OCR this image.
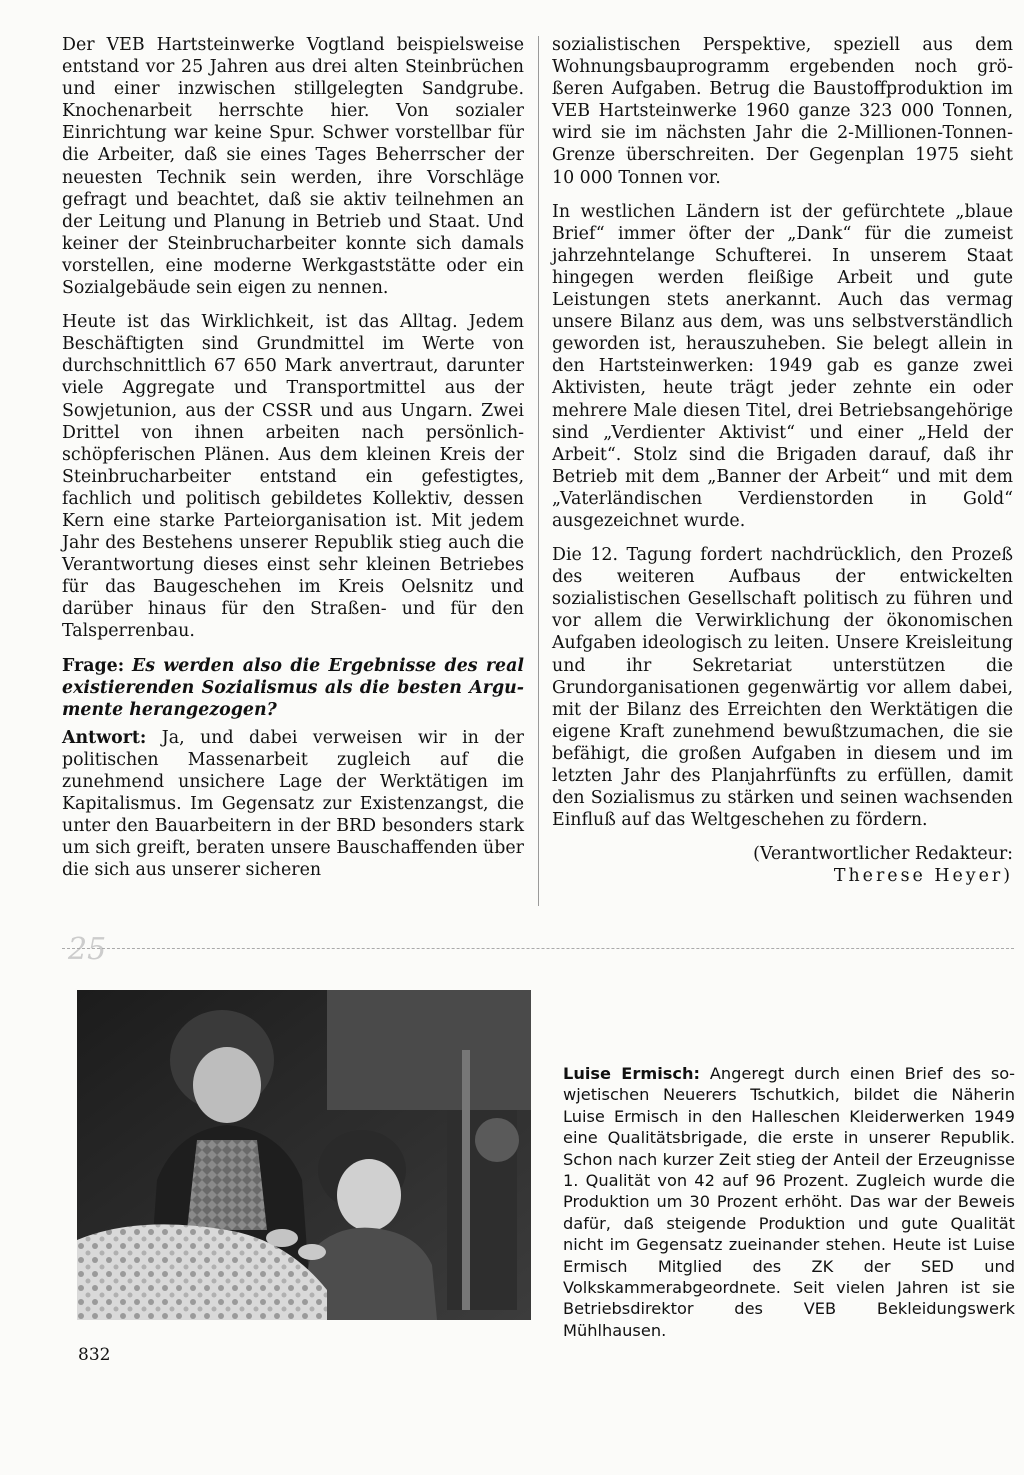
Der VEB Hartsteinwerke Vogtland beispielsweise entstand vor 25 Jahren aus drei alten Steinbrüchen und einer inzwischen stillgelegten Sandgrube. Knochenarbeit herrschte hier. Von sozialer Einrichtung war keine Spur. Schwer vorstellbar für die Arbeiter, daß sie eines Tages Beherrscher der neuesten Technik sein werden, ihre Vorschläge gefragt und beachtet, daß sie aktiv teilnehmen an der Leitung und Planung in Betrieb und Staat. Und keiner der Steinbrucharbeiter konnte sich damals vorstellen, eine moderne Werkgaststätte oder ein Sozialgebäude sein eigen zu nennen.

Heute ist das Wirklichkeit, ist das Alltag. Jedem Beschäftigten sind Grundmittel im Werte von durchschnittlich 67 650 Mark anvertraut, darunter viele Aggregate und Transportmittel aus der Sowjetunion, aus der CSSR und aus Ungarn. Zwei Drittel von ihnen arbeiten nach persönlich-schöpferischen Plänen. Aus dem kleinen Kreis der Steinbrucharbeiter entstand ein gefestigtes, fachlich und politisch gebildetes Kollektiv, dessen Kern eine starke Parteiorganisation ist. Mit jedem Jahr des Bestehens unserer Republik stieg auch die Verantwortung dieses einst sehr kleinen Betriebes für das Baugeschehen im Kreis Oelsnitz und darüber hinaus für den Straßen- und für den Talsperrenbau.

Frage: Es werden also die Ergebnisse des real existierenden Sozialismus als die besten Argumente herangezogen?

Antwort: Ja, und dabei verweisen wir in der politischen Massenarbeit zugleich auf die zunehmend unsichere Lage der Werktätigen im Kapitalismus. Im Gegensatz zur Existenzangst, die unter den Bauarbeitern in der BRD besonders stark um sich greift, beraten unsere Bauschaffenden über die sich aus unserer sicheren

sozialistischen Perspektive, speziell aus dem Wohnungsbauprogramm ergebenden noch größeren Aufgaben. Betrug die Baustoffproduktion im VEB Hartsteinwerke 1960 ganze 323 000 Tonnen, wird sie im nächsten Jahr die 2-Millionen-Tonnen-Grenze überschreiten. Der Gegenplan 1975 sieht 10 000 Tonnen vor.

In westlichen Ländern ist der gefürchtete „blaue Brief“ immer öfter der „Dank“ für die zumeist jahrzehntelange Schufterei. In unserem Staat hingegen werden fleißige Arbeit und gute Leistungen stets anerkannt. Auch das vermag unsere Bilanz aus dem, was uns selbstverständlich geworden ist, herauszuheben. Sie belegt allein in den Hartsteinwerken: 1949 gab es ganze zwei Aktivisten, heute trägt jeder zehnte ein oder mehrere Male diesen Titel, drei Betriebsangehörige sind „Verdienter Aktivist“ und einer „Held der Arbeit“. Stolz sind die Brigaden darauf, daß ihr Betrieb mit dem „Banner der Arbeit“ und mit dem „Vaterländischen Verdienstorden in Gold“ ausgezeichnet wurde.

Die 12. Tagung fordert nachdrücklich, den Prozeß des weiteren Aufbaus der entwickelten sozialistischen Gesellschaft politisch zu führen und vor allem die Verwirklichung der ökonomischen Aufgaben ideologisch zu leiten. Unsere Kreisleitung und ihr Sekretariat unterstützen die Grundorganisationen gegenwärtig vor allem dabei, mit der Bilanz des Erreichten den Werktätigen die eigene Kraft zunehmend bewußtzumachen, die sie befähigt, die großen Aufgaben in diesem und im letzten Jahr des Planjahrfünfts zu erfüllen, damit den Sozialismus zu stärken und seinen wachsenden Einfluß auf das Weltgeschehen zu fördern.

(Verantwortlicher Redakteur:
Therese Heyer)
25
Luise Ermisch: Angeregt durch einen Brief des sowjetischen Neuerers Tschutkich, bildet die Näherin Luise Ermisch in den Halleschen Kleiderwerken 1949 eine Qualitätsbrigade, die erste in unserer Republik. Schon nach kurzer Zeit stieg der Anteil der Erzeugnisse 1. Qualität von 42 auf 96 Prozent. Zugleich wurde die Produktion um 30 Prozent erhöht. Das war der Beweis dafür, daß steigende Produktion und gute Qualität nicht im Gegensatz zueinander stehen. Heute ist Luise Ermisch Mitglied des ZK der SED und Volkskammerabgeordnete. Seit vielen Jahren ist sie Betriebsdirektor des VEB Bekleidungswerk Mühlhausen.
832
